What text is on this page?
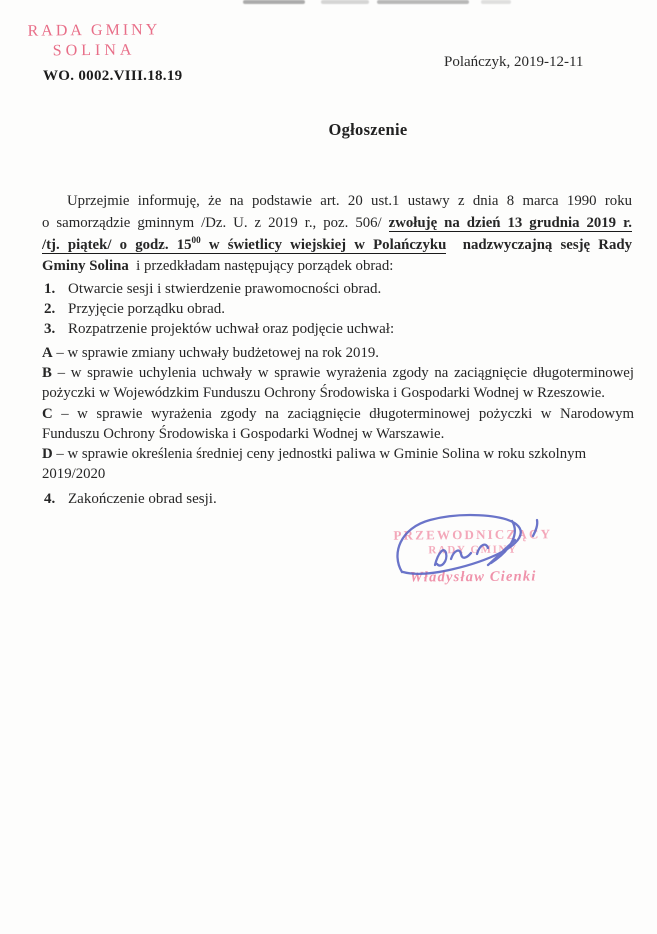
RADA GMINY
SOLINA
WO. 0002.VIII.18.19
Polańczyk, 2019-12-11
Ogłoszenie
Uprzejmie informuję, że na podstawie art. 20 ust.1 ustawy z dnia 8 marca 1990 roku
o samorządzie gminnym /Dz. U. z 2019 r., poz. 506/ zwołuję na dzień 13 grudnia 2019 r.
/tj. piątek/ o godz. $15^{00}$ w świetlicy wiejskiej w Polańczyku  nadzwyczajną sesję Rady
Gminy Solina  i przedkładam następujący porządek obrad:
1. Otwarcie sesji i stwierdzenie prawomocności obrad.
2. Przyjęcie porządku obrad.
3. Rozpatrzenie projektów uchwał oraz podjęcie uchwał:
A – w sprawie zmiany uchwały budżetowej na rok 2019.
B – w sprawie uchylenia uchwały w sprawie wyrażenia zgody na zaciągnięcie długoterminowej
pożyczki w Wojewódzkim Funduszu Ochrony Środowiska i Gospodarki Wodnej w Rzeszowie.
C – w sprawie wyrażenia zgody na zaciągnięcie długoterminowej pożyczki w Narodowym
Funduszu Ochrony Środowiska i Gospodarki Wodnej w Warszawie.
D – w sprawie określenia średniej ceny jednostki paliwa w Gminie Solina w roku szkolnym
2019/2020
4. Zakończenie obrad sesji.
PRZEWODNICZĄCY
RADY GMINY
Władysław Cienki
